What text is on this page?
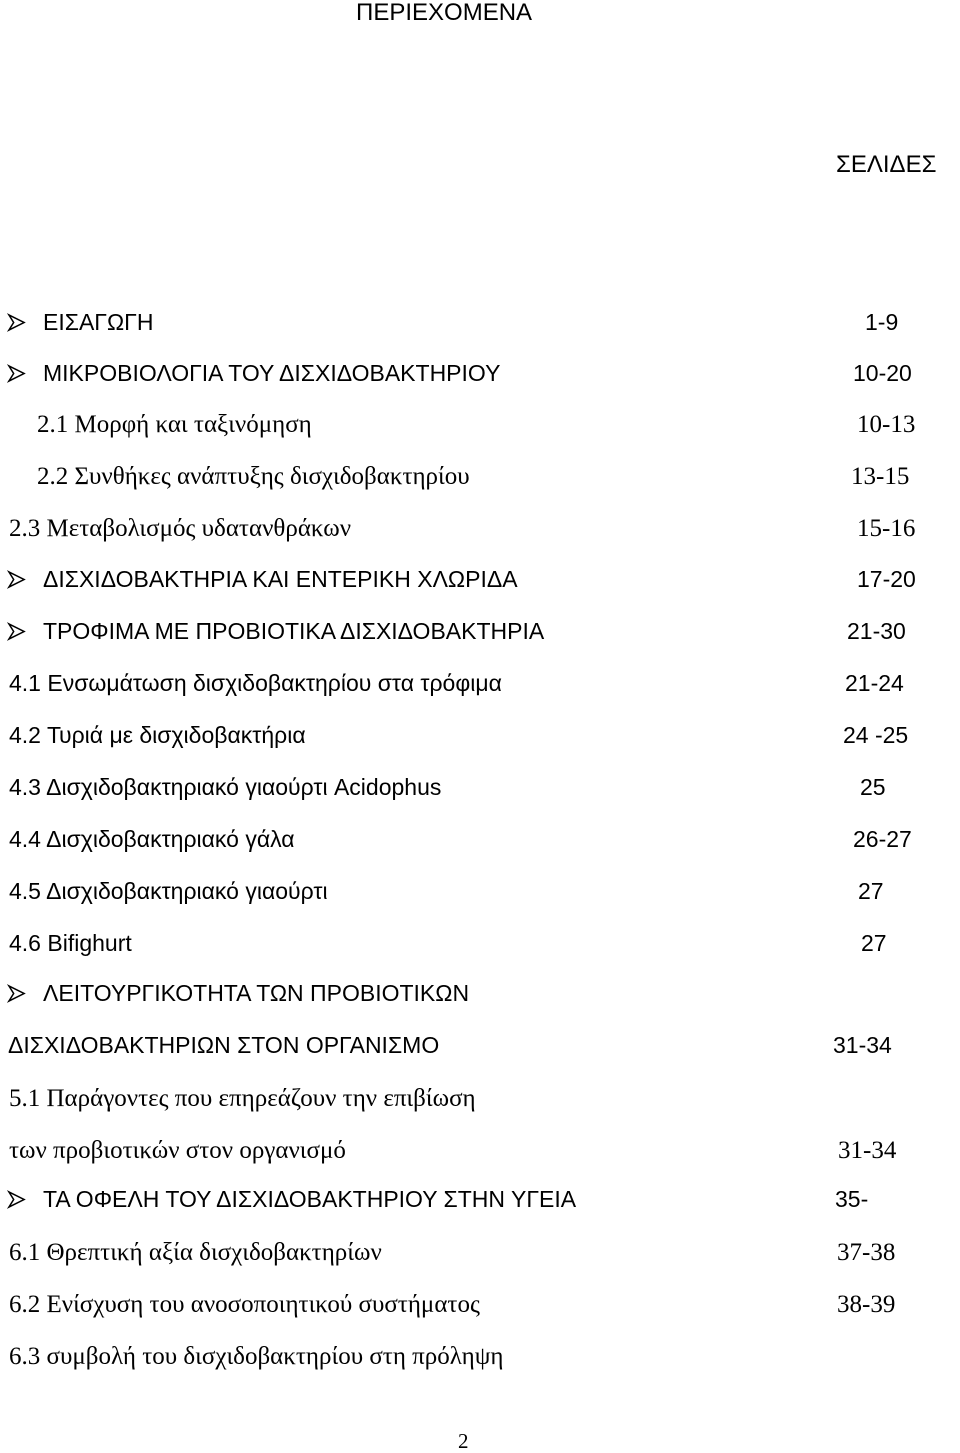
ΠΕΡΙΕΧΟΜΕΝΑ
ΣΕΛΙΔΕΣ
ΕΙΣΑΓΩΓΗ	1-9
ΜΙΚΡΟΒΙΟΛΟΓΙΑ ΤΟΥ ΔΙΣΧΙΔΟΒΑΚΤΗΡΙΟΥ	10-20
2.1 Μορφή και ταξινόμηση	10-13
2.2 Συνθήκες ανάπτυξης δισχιδοβακτηρίου	13-15
2.3 Μεταβολισμός υδατανθράκων	15-16
ΔΙΣΧΙΔΟΒΑΚΤΗΡΙΑ ΚΑΙ ΕΝΤΕΡΙΚΗ ΧΛΩΡΙΔΑ	17-20
ΤΡΟΦΙΜΑ ΜΕ ΠΡΟΒΙΟΤΙΚΑ ΔΙΣΧΙΔΟΒΑΚΤΗΡΙΑ	21-30
4.1 Ενσωμάτωση δισχιδοβακτηρίου στα τρόφιμα	21-24
4.2 Τυριά με δισχιδοβακτήρια	24 -25
4.3 Δισχιδοβακτηριακό γιαούρτι Acidophus	25
4.4 Δισχιδοβακτηριακό γάλα	26-27
4.5 Δισχιδοβακτηριακό γιαούρτι	27
4.6 Bifighurt	27
ΛΕΙΤΟΥΡΓΙΚΟΤΗΤΑ ΤΩΝ ΠΡΟΒΙΟΤΙΚΩΝ
ΔΙΣΧΙΔΟΒΑΚΤΗΡΙΩΝ ΣΤΟΝ ΟΡΓΑΝΙΣΜΟ	31-34
5.1 Παράγοντες που επηρεάζουν την επιβίωση
των προβιοτικών στον οργανισμό	31-34
ΤΑ ΟΦΕΛΗ ΤΟΥ ΔΙΣΧΙΔΟΒΑΚΤΗΡΙΟΥ ΣΤΗΝ ΥΓΕΙΑ	35-
6.1 Θρεπτική αξία δισχιδοβακτηρίων	37-38
6.2 Ενίσχυση του ανοσοποιητικού συστήματος	38-39
6.3 συμβολή του δισχιδοβακτηρίου στη πρόληψη
2
